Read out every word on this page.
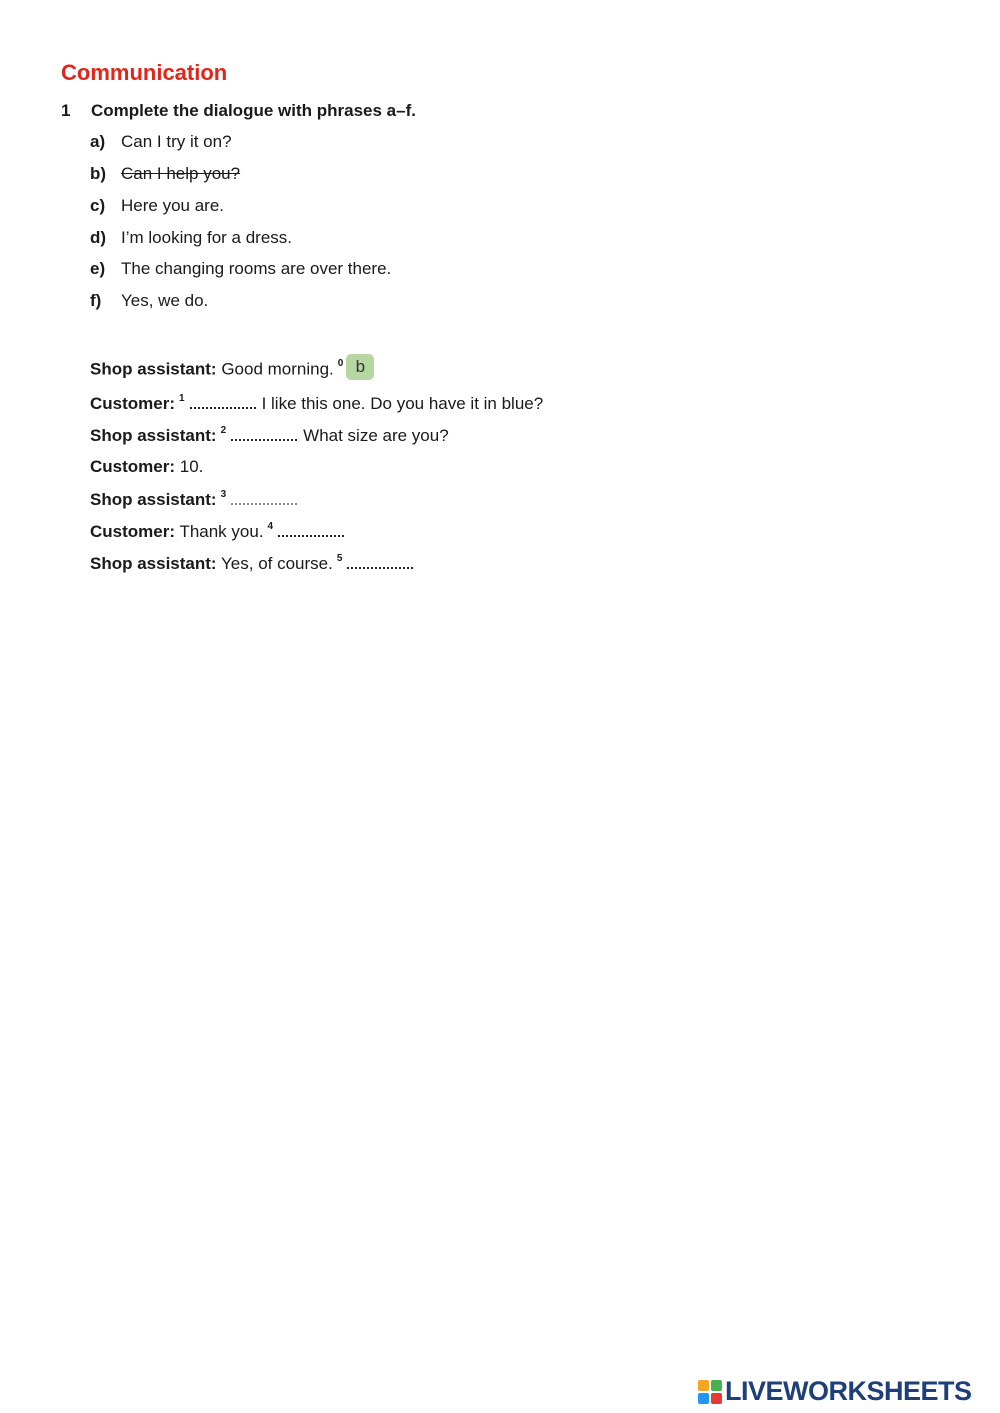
Communication
1 Complete the dialogue with phrases a–f.
a) Can I try it on?
b) Can I help you?
c) Here you are.
d) I’m looking for a dress.
e) The changing rooms are over there.
f) Yes, we do.
Shop assistant: Good morning. $^0$ b
Customer: $^1$	I like this one. Do you have it in blue?
Shop assistant: $^2$	What size are you?
Customer: 10.
Shop assistant: $^3$
Customer: Thank you. $^4$
Shop assistant: Yes, of course. $^5$
LIVEWORKSHEETS
